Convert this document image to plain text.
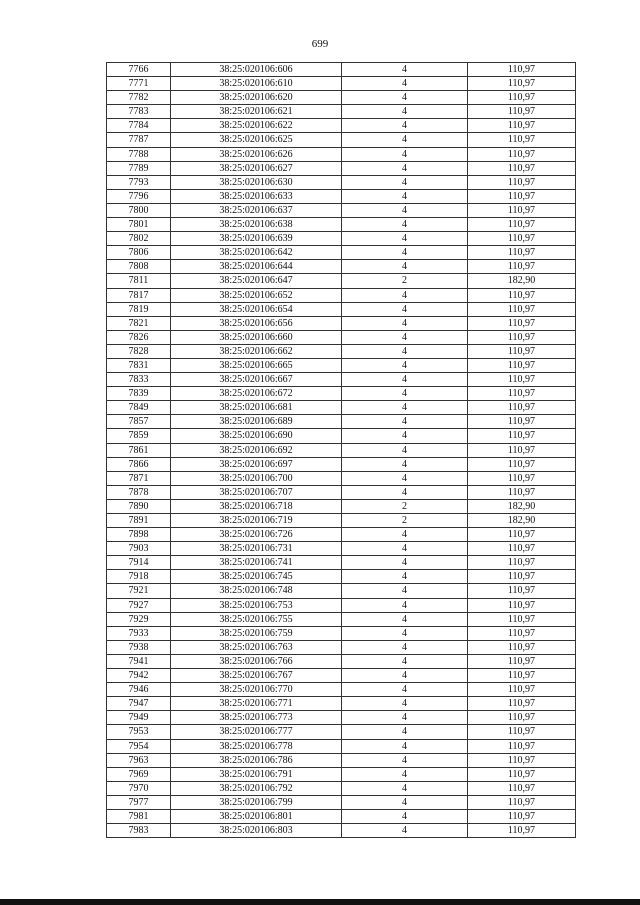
699
7766	38:25:020106:606	4	110,97
7771	38:25:020106:610	4	110,97
7782	38:25:020106:620	4	110,97
7783	38:25:020106:621	4	110,97
7784	38:25:020106:622	4	110,97
7787	38:25:020106:625	4	110,97
7788	38:25:020106:626	4	110,97
7789	38:25:020106:627	4	110,97
7793	38:25:020106:630	4	110,97
7796	38:25:020106:633	4	110,97
7800	38:25:020106:637	4	110,97
7801	38:25:020106:638	4	110,97
7802	38:25:020106:639	4	110,97
7806	38:25:020106:642	4	110,97
7808	38:25:020106:644	4	110,97
7811	38:25:020106:647	2	182,90
7817	38:25:020106:652	4	110,97
7819	38:25:020106:654	4	110,97
7821	38:25:020106:656	4	110,97
7826	38:25:020106:660	4	110,97
7828	38:25:020106:662	4	110,97
7831	38:25:020106:665	4	110,97
7833	38:25:020106:667	4	110,97
7839	38:25:020106:672	4	110,97
7849	38:25:020106:681	4	110,97
7857	38:25:020106:689	4	110,97
7859	38:25:020106:690	4	110,97
7861	38:25:020106:692	4	110,97
7866	38:25:020106:697	4	110,97
7871	38:25:020106:700	4	110,97
7878	38:25:020106:707	4	110,97
7890	38:25:020106:718	2	182,90
7891	38:25:020106:719	2	182,90
7898	38:25:020106:726	4	110,97
7903	38:25:020106:731	4	110,97
7914	38:25:020106:741	4	110,97
7918	38:25:020106:745	4	110,97
7921	38:25:020106:748	4	110,97
7927	38:25:020106:753	4	110,97
7929	38:25:020106:755	4	110,97
7933	38:25:020106:759	4	110,97
7938	38:25:020106:763	4	110,97
7941	38:25:020106:766	4	110,97
7942	38:25:020106:767	4	110,97
7946	38:25:020106:770	4	110,97
7947	38:25:020106:771	4	110,97
7949	38:25:020106:773	4	110,97
7953	38:25:020106:777	4	110,97
7954	38:25:020106:778	4	110,97
7963	38:25:020106:786	4	110,97
7969	38:25:020106:791	4	110,97
7970	38:25:020106:792	4	110,97
7977	38:25:020106:799	4	110,97
7981	38:25:020106:801	4	110,97
7983	38:25:020106:803	4	110,97
